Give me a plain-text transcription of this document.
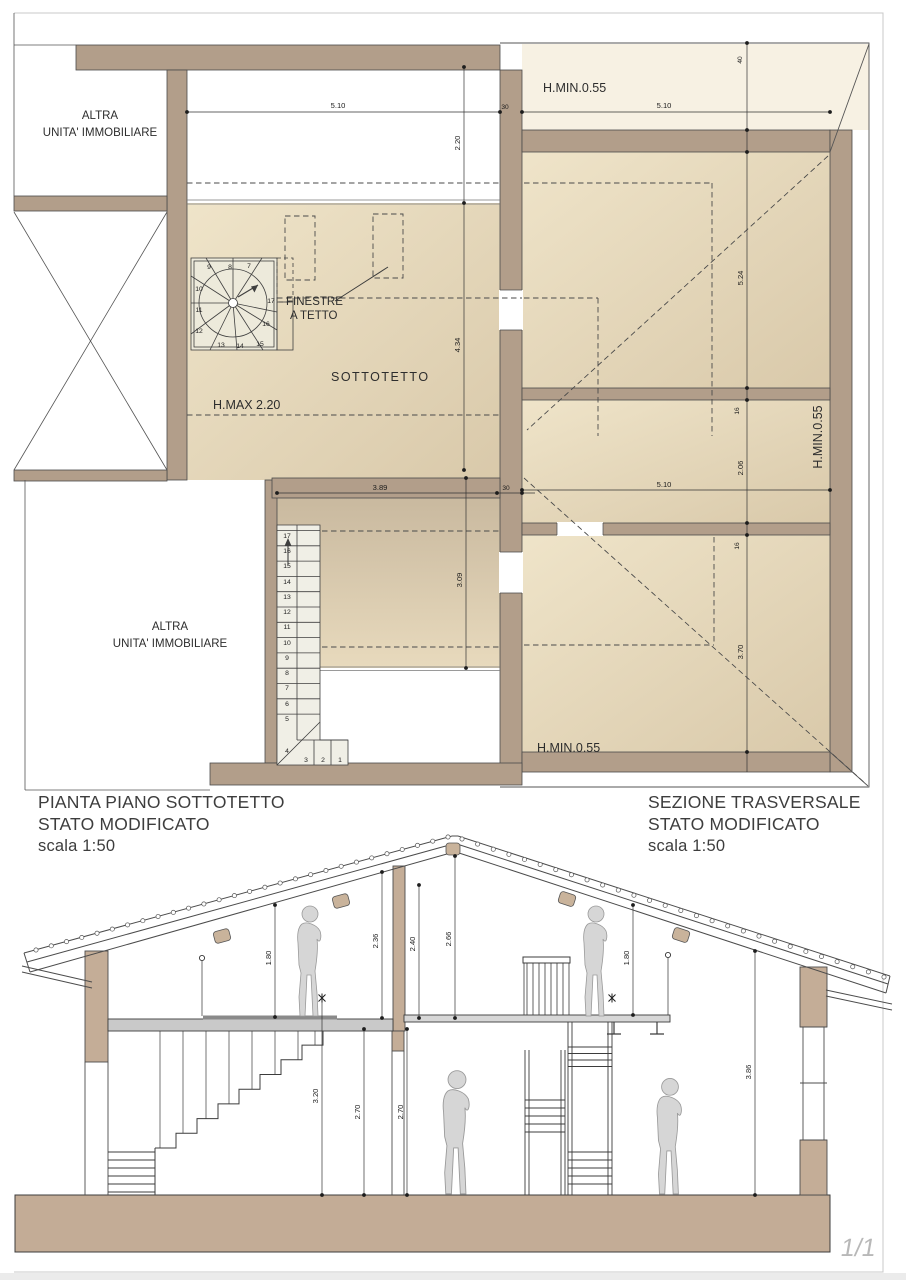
5.10	30	5.10
40
2.20
4.34
5.24
16
2.06
5.10
16
3.70
3.89	30
3.09
ALTRA
UNITA' IMMOBILIARE
H.MIN.0.55
FINESTRE
A TETTO
SOTTOTETTO
H.MAX 2.20
H.MIN.0.55
ALTRA
UNITA' IMMOBILIARE
H.MIN.0.55
9	8 7
10
11
12
17
16
13 14 15
17
16
15
14
13
12
11
10
9
8
7
6
5
4
3 2 1
1.80
2.36	2.40	2.66
3.20
2.70	2.70
1.80
3.86
PIANTA PIANO SOTTOTETTO
STATO MODIFICATO
scala 1:50
SEZIONE TRASVERSALE
STATO MODIFICATO
scala 1:50
1/1
